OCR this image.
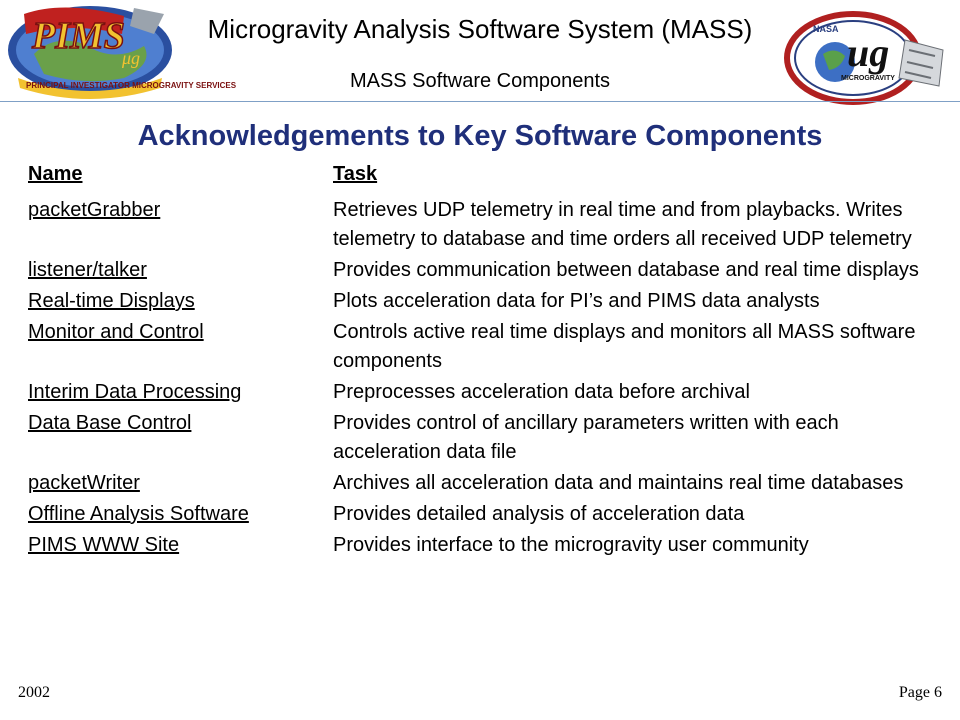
PIMS
μg
PRINCIPAL INVESTIGATOR MICROGRAVITY SERVICES
Microgravity Analysis Software System (MASS)
MASS Software Components
NASA
ug
MICROGRAVITY
Acknowledgements to Key Software Components
Name	Task
packetGrabber	Retrieves UDP telemetry in real time and from playbacks. Writes telemetry to database and time orders all received UDP telemetry
listener/talker	Provides communication between database and real time displays
Real-time Displays	Plots acceleration data for PI’s and PIMS data analysts
Monitor and Control	Controls active real time displays and monitors all MASS software components
Interim Data Processing	Preprocesses acceleration data before archival
Data Base Control	Provides control of ancillary parameters written with each acceleration data file
packetWriter	Archives all acceleration data and maintains real time databases
Offline Analysis Software	Provides detailed analysis of acceleration data
PIMS WWW Site	Provides interface to the microgravity user community
2002	Page 6
